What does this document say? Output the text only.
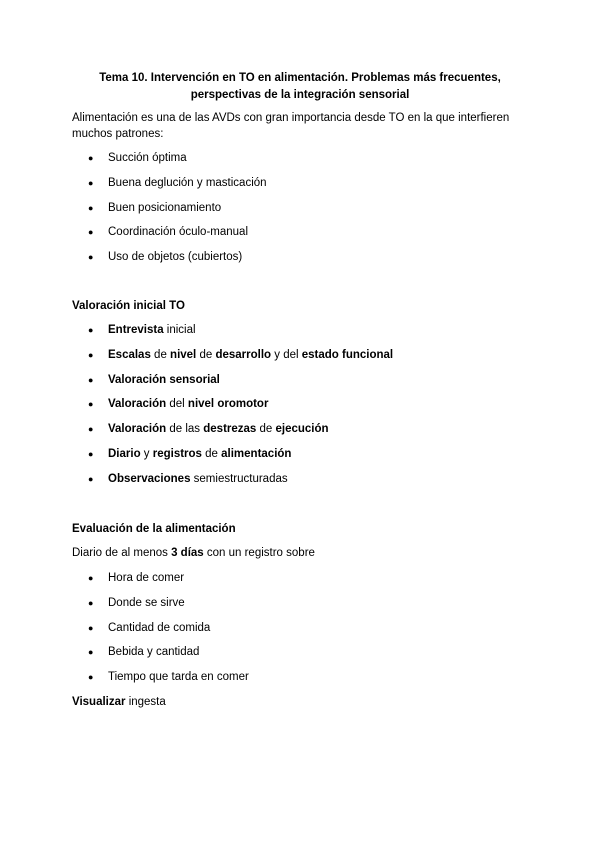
Tema 10. Intervención en TO en alimentación. Problemas más frecuentes, perspectivas de la integración sensorial
Alimentación es una de las AVDs con gran importancia desde TO en la que interfieren muchos patrones:
● Succión óptima
● Buena deglución y masticación
● Buen posicionamiento
● Coordinación óculo-manual
● Uso de objetos (cubiertos)
Valoración inicial TO
● Entrevista inicial
● Escalas de nivel de desarrollo y del estado funcional
● Valoración sensorial
● Valoración del nivel oromotor
● Valoración de las destrezas de ejecución
● Diario y registros de alimentación
● Observaciones semiestructuradas
Evaluación de la alimentación
Diario de al menos 3 días con un registro sobre
● Hora de comer
● Donde se sirve
● Cantidad de comida
● Bebida y cantidad
● Tiempo que tarda en comer
Visualizar ingesta
